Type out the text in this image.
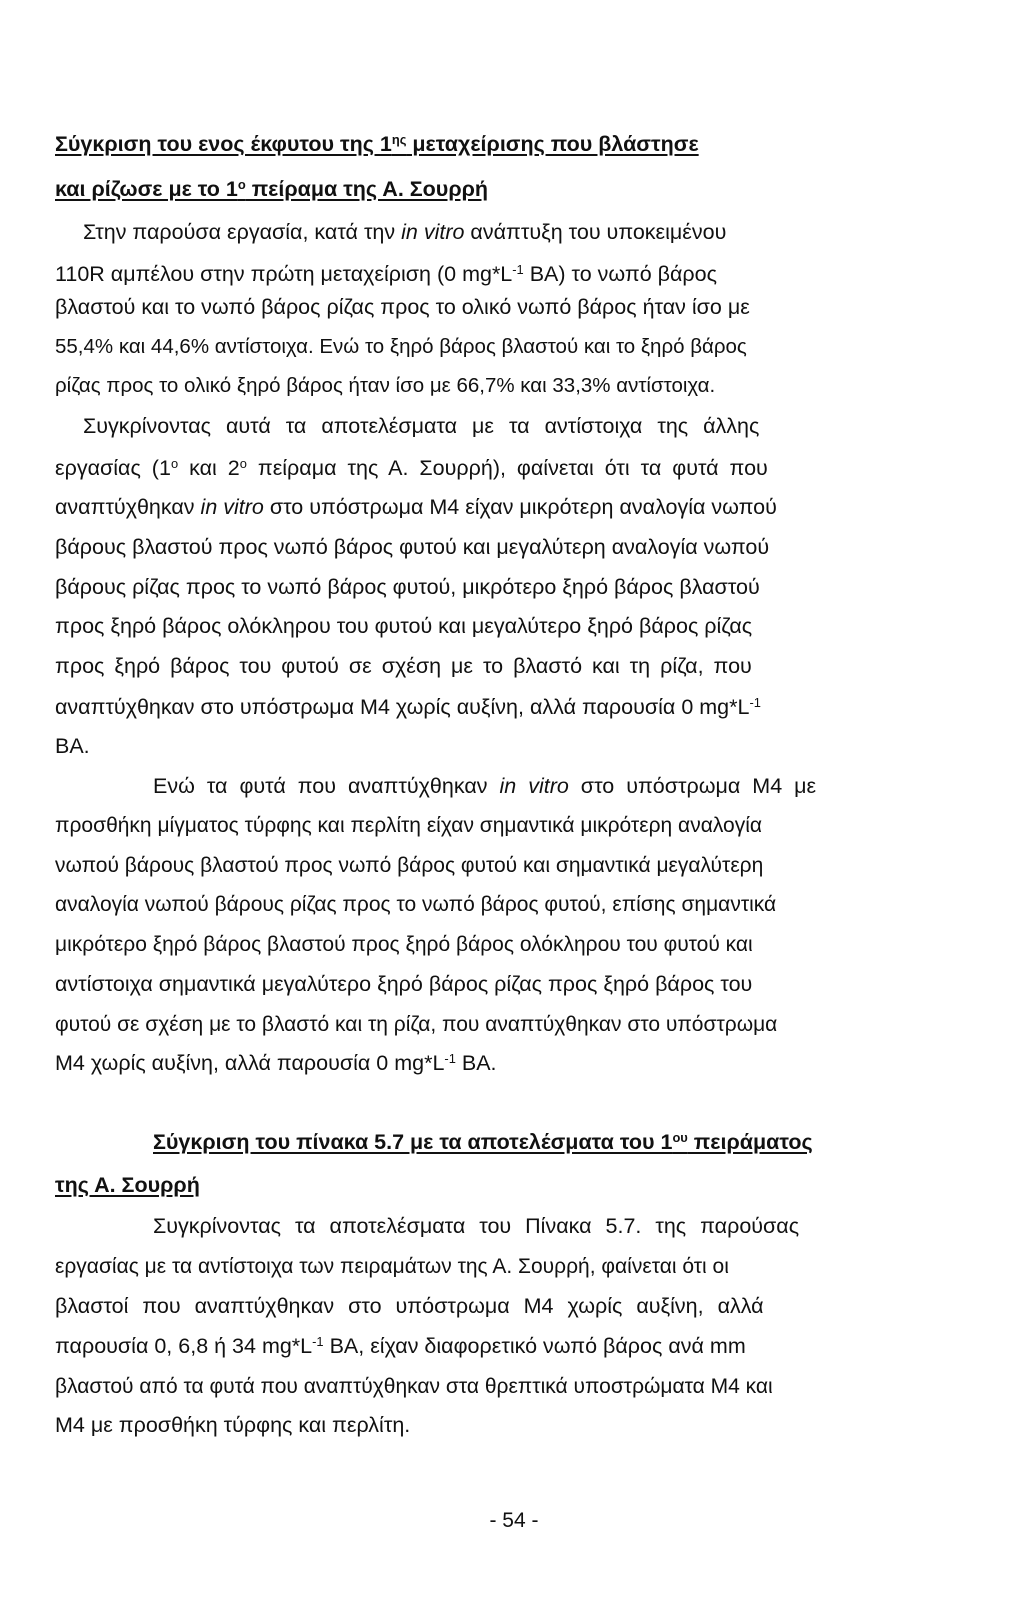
Σύγκριση του ενος έκφυτου της $1^{\eta\varsigma}$ μεταχείρισης που βλάστησε
και ρίζωσε με το $1^o$ πείραμα της Α. Σουρρή
Στην παρούσα εργασία, κατά την in vitro ανάπτυξη του υποκειμένου
110R αμπέλου στην πρώτη μεταχείριση (0 $mg*L^{-1}$ BA) το νωπό βάρος
βλαστού και το νωπό βάρος ρίζας προς το ολικό νωπό βάρος ήταν ίσο με
55,4% και 44,6% αντίστοιχα. Ενώ το ξηρό βάρος βλαστού και το ξηρό βάρος
ρίζας προς το ολικό ξηρό βάρος ήταν ίσο με 66,7% και 33,3% αντίστοιχα.
Συγκρίνοντας αυτά τα αποτελέσματα με τα αντίστοιχα της άλλης
εργασίας ($1^o$ και $2^o$ πείραμα της Α. Σουρρή), φαίνεται ότι τα φυτά που
αναπτύχθηκαν in vitro στο υπόστρωμα M4 είχαν μικρότερη αναλογία νωπού
βάρους βλαστού προς νωπό βάρος φυτού και μεγαλύτερη αναλογία νωπού
βάρους ρίζας προς το νωπό βάρος φυτού, μικρότερο ξηρό βάρος βλαστού
προς ξηρό βάρος ολόκληρου του φυτού και μεγαλύτερο ξηρό βάρος ρίζας
προς ξηρό βάρος του φυτού σε σχέση με το βλαστό και τη ρίζα, που
αναπτύχθηκαν στο υπόστρωμα M4 χωρίς αυξίνη, αλλά παρουσία 0 $mg*L^{-1}$
BA.
Ενώ τα φυτά που αναπτύχθηκαν in vitro στο υπόστρωμα M4 με
προσθήκη μίγματος τύρφης και περλίτη είχαν σημαντικά μικρότερη αναλογία
νωπού βάρους βλαστού προς νωπό βάρος φυτού και σημαντικά μεγαλύτερη
αναλογία νωπού βάρους ρίζας προς το νωπό βάρος φυτού, επίσης σημαντικά
μικρότερο ξηρό βάρος βλαστού προς ξηρό βάρος ολόκληρου του φυτού και
αντίστοιχα σημαντικά μεγαλύτερο ξηρό βάρος ρίζας προς ξηρό βάρος του
φυτού σε σχέση με το βλαστό και τη ρίζα, που αναπτύχθηκαν στο υπόστρωμα
M4 χωρίς αυξίνη, αλλά παρουσία 0 $mg*L^{-1}$ BA.
Σύγκριση του πίνακα 5.7 με τα αποτελέσματα του $1^{o\upsilon}$ πειράματος
της Α. Σουρρή
Συγκρίνοντας τα αποτελέσματα του Πίνακα 5.7. της παρούσας
εργασίας με τα αντίστοιχα των πειραμάτων της Α. Σουρρή, φαίνεται ότι οι
βλαστοί που αναπτύχθηκαν στο υπόστρωμα M4 χωρίς αυξίνη, αλλά
παρουσία 0, 6,8 ή 34 $mg*L^{-1}$ BA, είχαν διαφορετικό νωπό βάρος ανά mm
βλαστού από τα φυτά που αναπτύχθηκαν στα θρεπτικά υποστρώματα M4 και
M4 με προσθήκη τύρφης και περλίτη.
- 54 -
